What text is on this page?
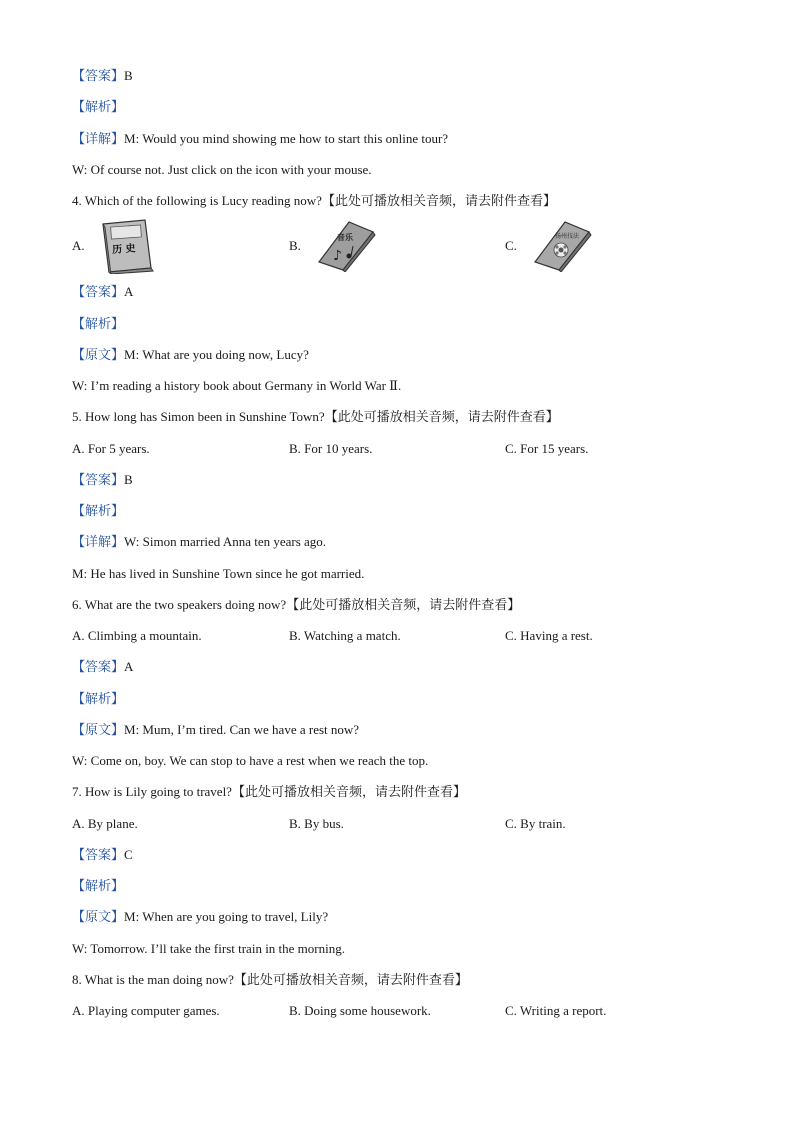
【答案】B
【解析】
【详解】M: Would you mind showing me how to start this online tour?
W: Of course not. Just click on the icon with your mouse.
4. Which of the following is Lucy reading now?【此处可播放相关音频，请去附件查看】
A.	历 史	B.
音乐
♪
C.
扬州技法
【答案】A
【解析】
【原文】M: What are you doing now, Lucy?
W: I’m reading a history book about Germany in World War Ⅱ.
5. How long has Simon been in Sunshine Town?【此处可播放相关音频，请去附件查看】
A. For 5 years.	B. For 10 years.	C. For 15 years.
【答案】B
【解析】
【详解】W: Simon married Anna ten years ago.
M: He has lived in Sunshine Town since he got married.
6. What are the two speakers doing now?【此处可播放相关音频，请去附件查看】
A. Climbing a mountain.	B. Watching a match.	C. Having a rest.
【答案】A
【解析】
【原文】M: Mum, I’m tired. Can we have a rest now?
W: Come on, boy. We can stop to have a rest when we reach the top.
7. How is Lily going to travel?【此处可播放相关音频，请去附件查看】
A. By plane.	B. By bus.	C. By train.
【答案】C
【解析】
【原文】M: When are you going to travel, Lily?
W: Tomorrow. I’ll take the first train in the morning.
8. What is the man doing now?【此处可播放相关音频，请去附件查看】
A. Playing computer games.	B. Doing some housework.	C. Writing a report.
